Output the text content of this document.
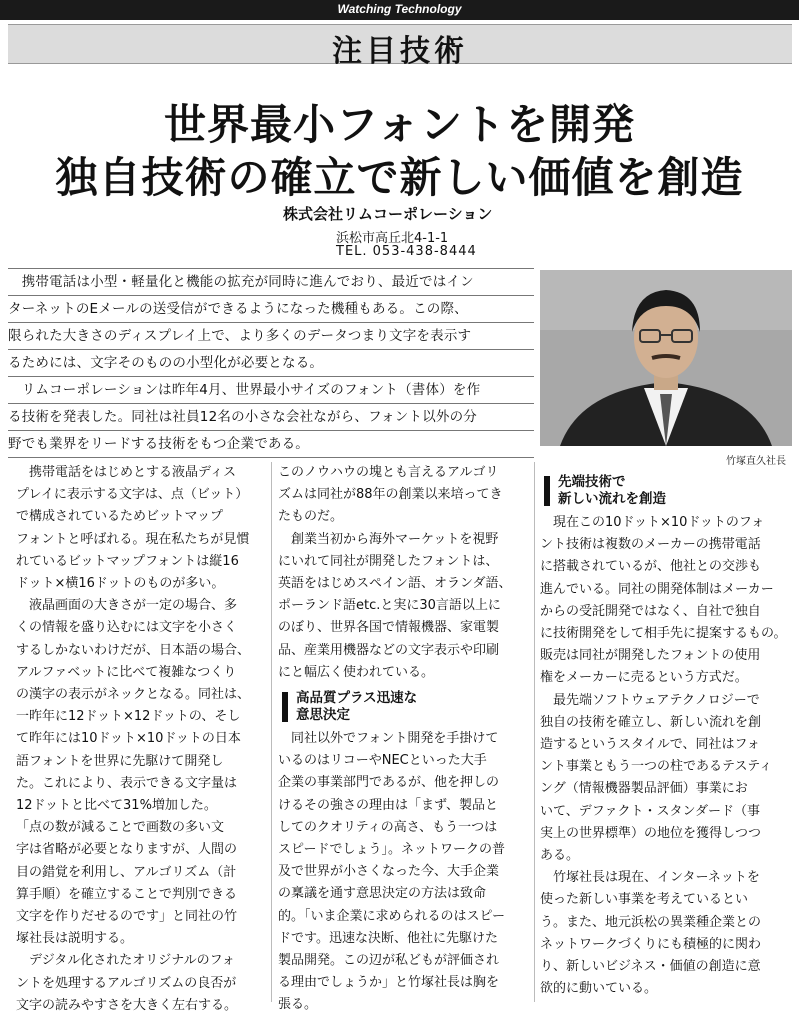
Watching Technology
注目技術
世界最小フォントを開発
独自技術の確立で新しい価値を創造
株式会社リムコーポレーション
浜松市高丘北4-1-1
TEL. 053-438-8444
　携帯電話は小型・軽量化と機能の拡充が同時に進んでおり、最近ではイン
ターネットのEメールの送受信ができるようになった機種もある。この際、
限られた大きさのディスプレイ上で、より多くのデータつまり文字を表示す
るためには、文字そのものの小型化が必要となる。
　リムコーポレーションは昨年4月、世界最小サイズのフォント（書体）を作
る技術を発表した。同社は社員12名の小さな会社ながら、フォント以外の分
野でも業界をリードする技術をもつ企業である。
竹塚直久社長

　携帯電話をはじめとする液晶ディス

プレイに表示する文字は、点（ビット）

で構成されているためビットマップ

フォントと呼ばれる。現在私たちが見慣

れているビットマップフォントは縦16

ドット×横16ドットのものが多い。

　液晶画面の大きさが一定の場合、多

くの情報を盛り込むには文字を小さく

するしかないわけだが、日本語の場合、

アルファベットに比べて複雑なつくり

の漢字の表示がネックとなる。同社は、

一昨年に12ドット×12ドットの、そし

て昨年には10ドット×10ドットの日本

語フォントを世界に先駆けて開発し

た。これにより、表示できる文字量は

12ドットと比べて31%増加した。

「点の数が減ることで画数の多い文

字は省略が必要となりますが、人間の

目の錯覚を利用し、アルゴリズム（計

算手順）を確立することで判別できる

文字を作りだせるのです」と同社の竹

塚社長は説明する。

　デジタル化されたオリジナルのフォ

ントを処理するアルゴリズムの良否が

文字の読みやすさを大きく左右する。

このノウハウの塊とも言えるアルゴリ

ズムは同社が88年の創業以来培ってき

たものだ。

　創業当初から海外マーケットを視野

にいれて同社が開発したフォントは、

英語をはじめスペイン語、オランダ語、

ポーランド語etc.と実に30言語以上に

のぼり、世界各国で情報機器、家電製

品、産業用機器などの文字表示や印刷

にと幅広く使われている。

高品質プラス迅速な
意思決定

　同社以外でフォント開発を手掛けて

いるのはリコーやNECといった大手

企業の事業部門であるが、他を押しの

けるその強さの理由は「まず、製品と

してのクオリティの高さ、もう一つは

スピードでしょう」。ネットワークの普

及で世界が小さくなった今、大手企業

の稟議を通す意思決定の方法は致命

的。「いま企業に求められるのはスピー

ドです。迅速な決断、他社に先駆けた

製品開発。この辺が私どもが評価され

る理由でしょうか」と竹塚社長は胸を

張る。

先端技術で
新しい流れを創造

　現在この10ドット×10ドットのフォ

ント技術は複数のメーカーの携帯電話

に搭載されているが、他社との交渉も

進んでいる。同社の開発体制はメーカー

からの受託開発ではなく、自社で独自

に技術開発をして相手先に提案するもの。

販売は同社が開発したフォントの使用

権をメーカーに売るという方式だ。

　最先端ソフトウェアテクノロジーで

独自の技術を確立し、新しい流れを創

造するというスタイルで、同社はフォ

ント事業ともう一つの柱であるテスティ

ング（情報機器製品評価）事業にお

いて、デファクト・スタンダード（事

実上の世界標準）の地位を獲得しつつ

ある。

　竹塚社長は現在、インターネットを

使った新しい事業を考えているとい

う。また、地元浜松の異業種企業との

ネットワークづくりにも積極的に関わ

り、新しいビジネス・価値の創造に意

欲的に動いている。
